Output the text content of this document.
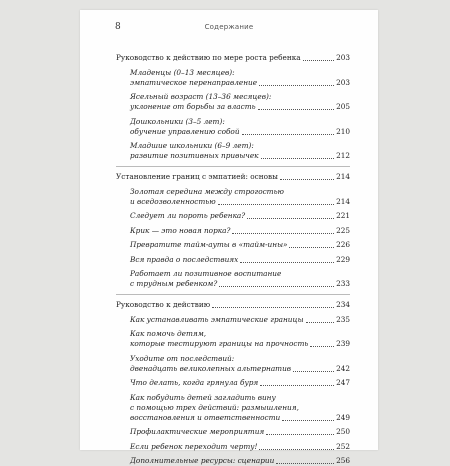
8	Содержание
Руководство к действию по мере роста ребенка	203
Младенцы (0–13 месяцев):
эмпатическое перенаправление	203
Ясельный возраст (13–36 месяцев):
уклонение от борьбы за власть	205
Дошкольники (3–5 лет):
обучение управлению собой	210
Младшие школьники (6–9 лет):
развитие позитивных привычек	212
Установление границ с эмпатией: основы	214
Золотая середина между строгостью
и вседозволенностью	214
Следует ли пороть ребенка?	221
Крик — это новая порка?	225
Превратите тайм-ауты в «тайм-ины»	226
Вся правда о последствиях	229
Работает ли позитивное воспитание
с трудным ребенком?	233
Руководство к действию	234
Как устанавливать эмпатические границы	235
Как помочь детям,
которые тестируют границы на прочность	239
Уходите от последствий:
двенадцать великолепных альтернатив	242
Что делать, когда грянула буря	247
Как побудить детей загладить вину
с помощью трех действий: размышления,
восстановления и ответственности	249
Профилактические мероприятия	250
Если ребенок переходит черту!	252
Дополнительные ресурсы: сценарии	256
